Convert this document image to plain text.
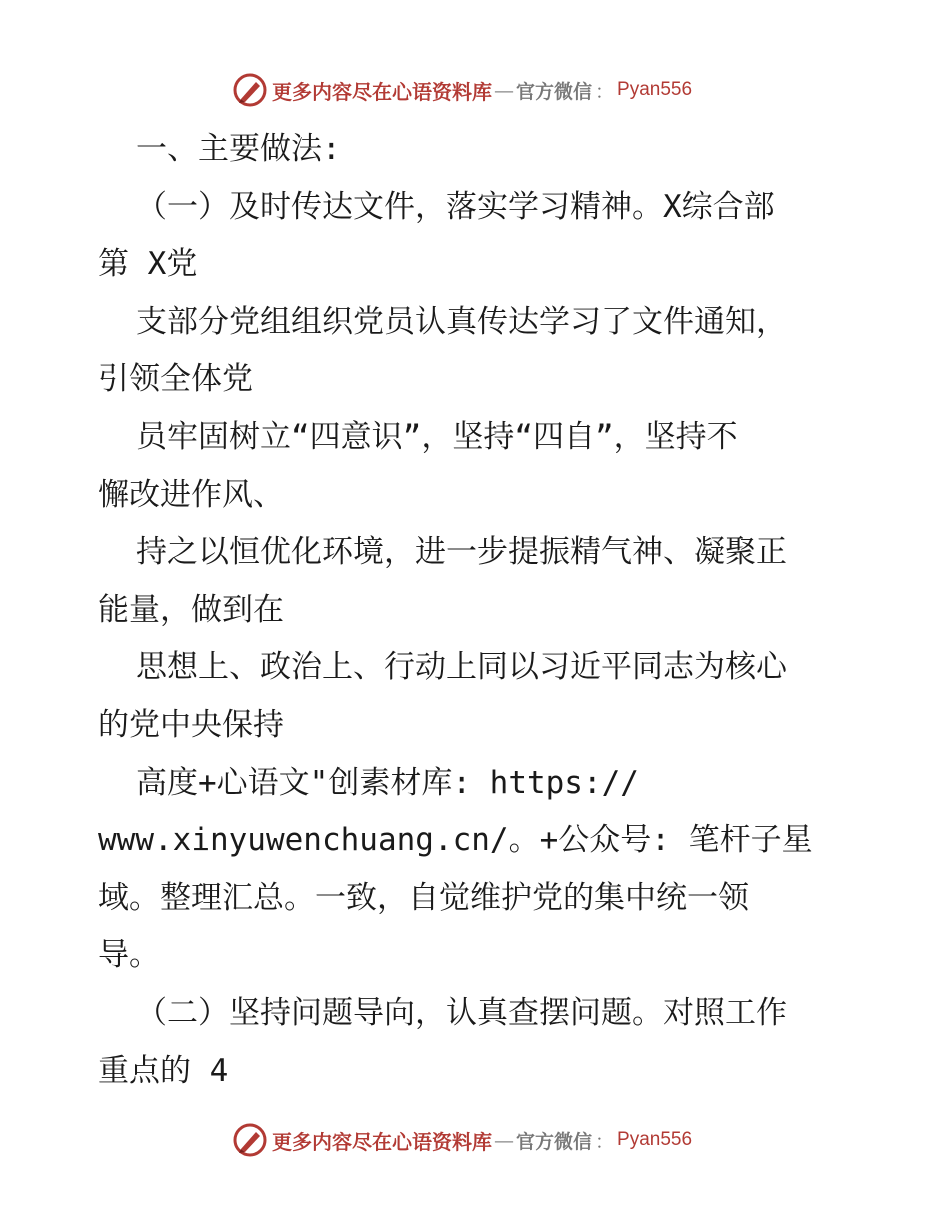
更多内容尽在心语资料库 — 官方微信 ： Pyan556
一、主要做法:
（一）及时传达文件，落实学习精神。X综合部
第 X党
支部分党组组织党员认真传达学习了文件通知，
引领全体党
员牢固树立“四意识”，坚持“四自”，坚持不
懈改进作风、
持之以恒优化环境，进一步提振精气神、凝聚正
能量，做到在
思想上、政治上、行动上同以习近平同志为核心
的党中央保持
高度+心语文"创素材库: https://
www.xinyuwenchuang.cn/。+公众号: 笔杆子星
域。整理汇总。一致，自觉维护党的集中统一领
导。
（二）坚持问题导向，认真查摆问题。对照工作
重点的 4
更多内容尽在心语资料库 — 官方微信 ： Pyan556
